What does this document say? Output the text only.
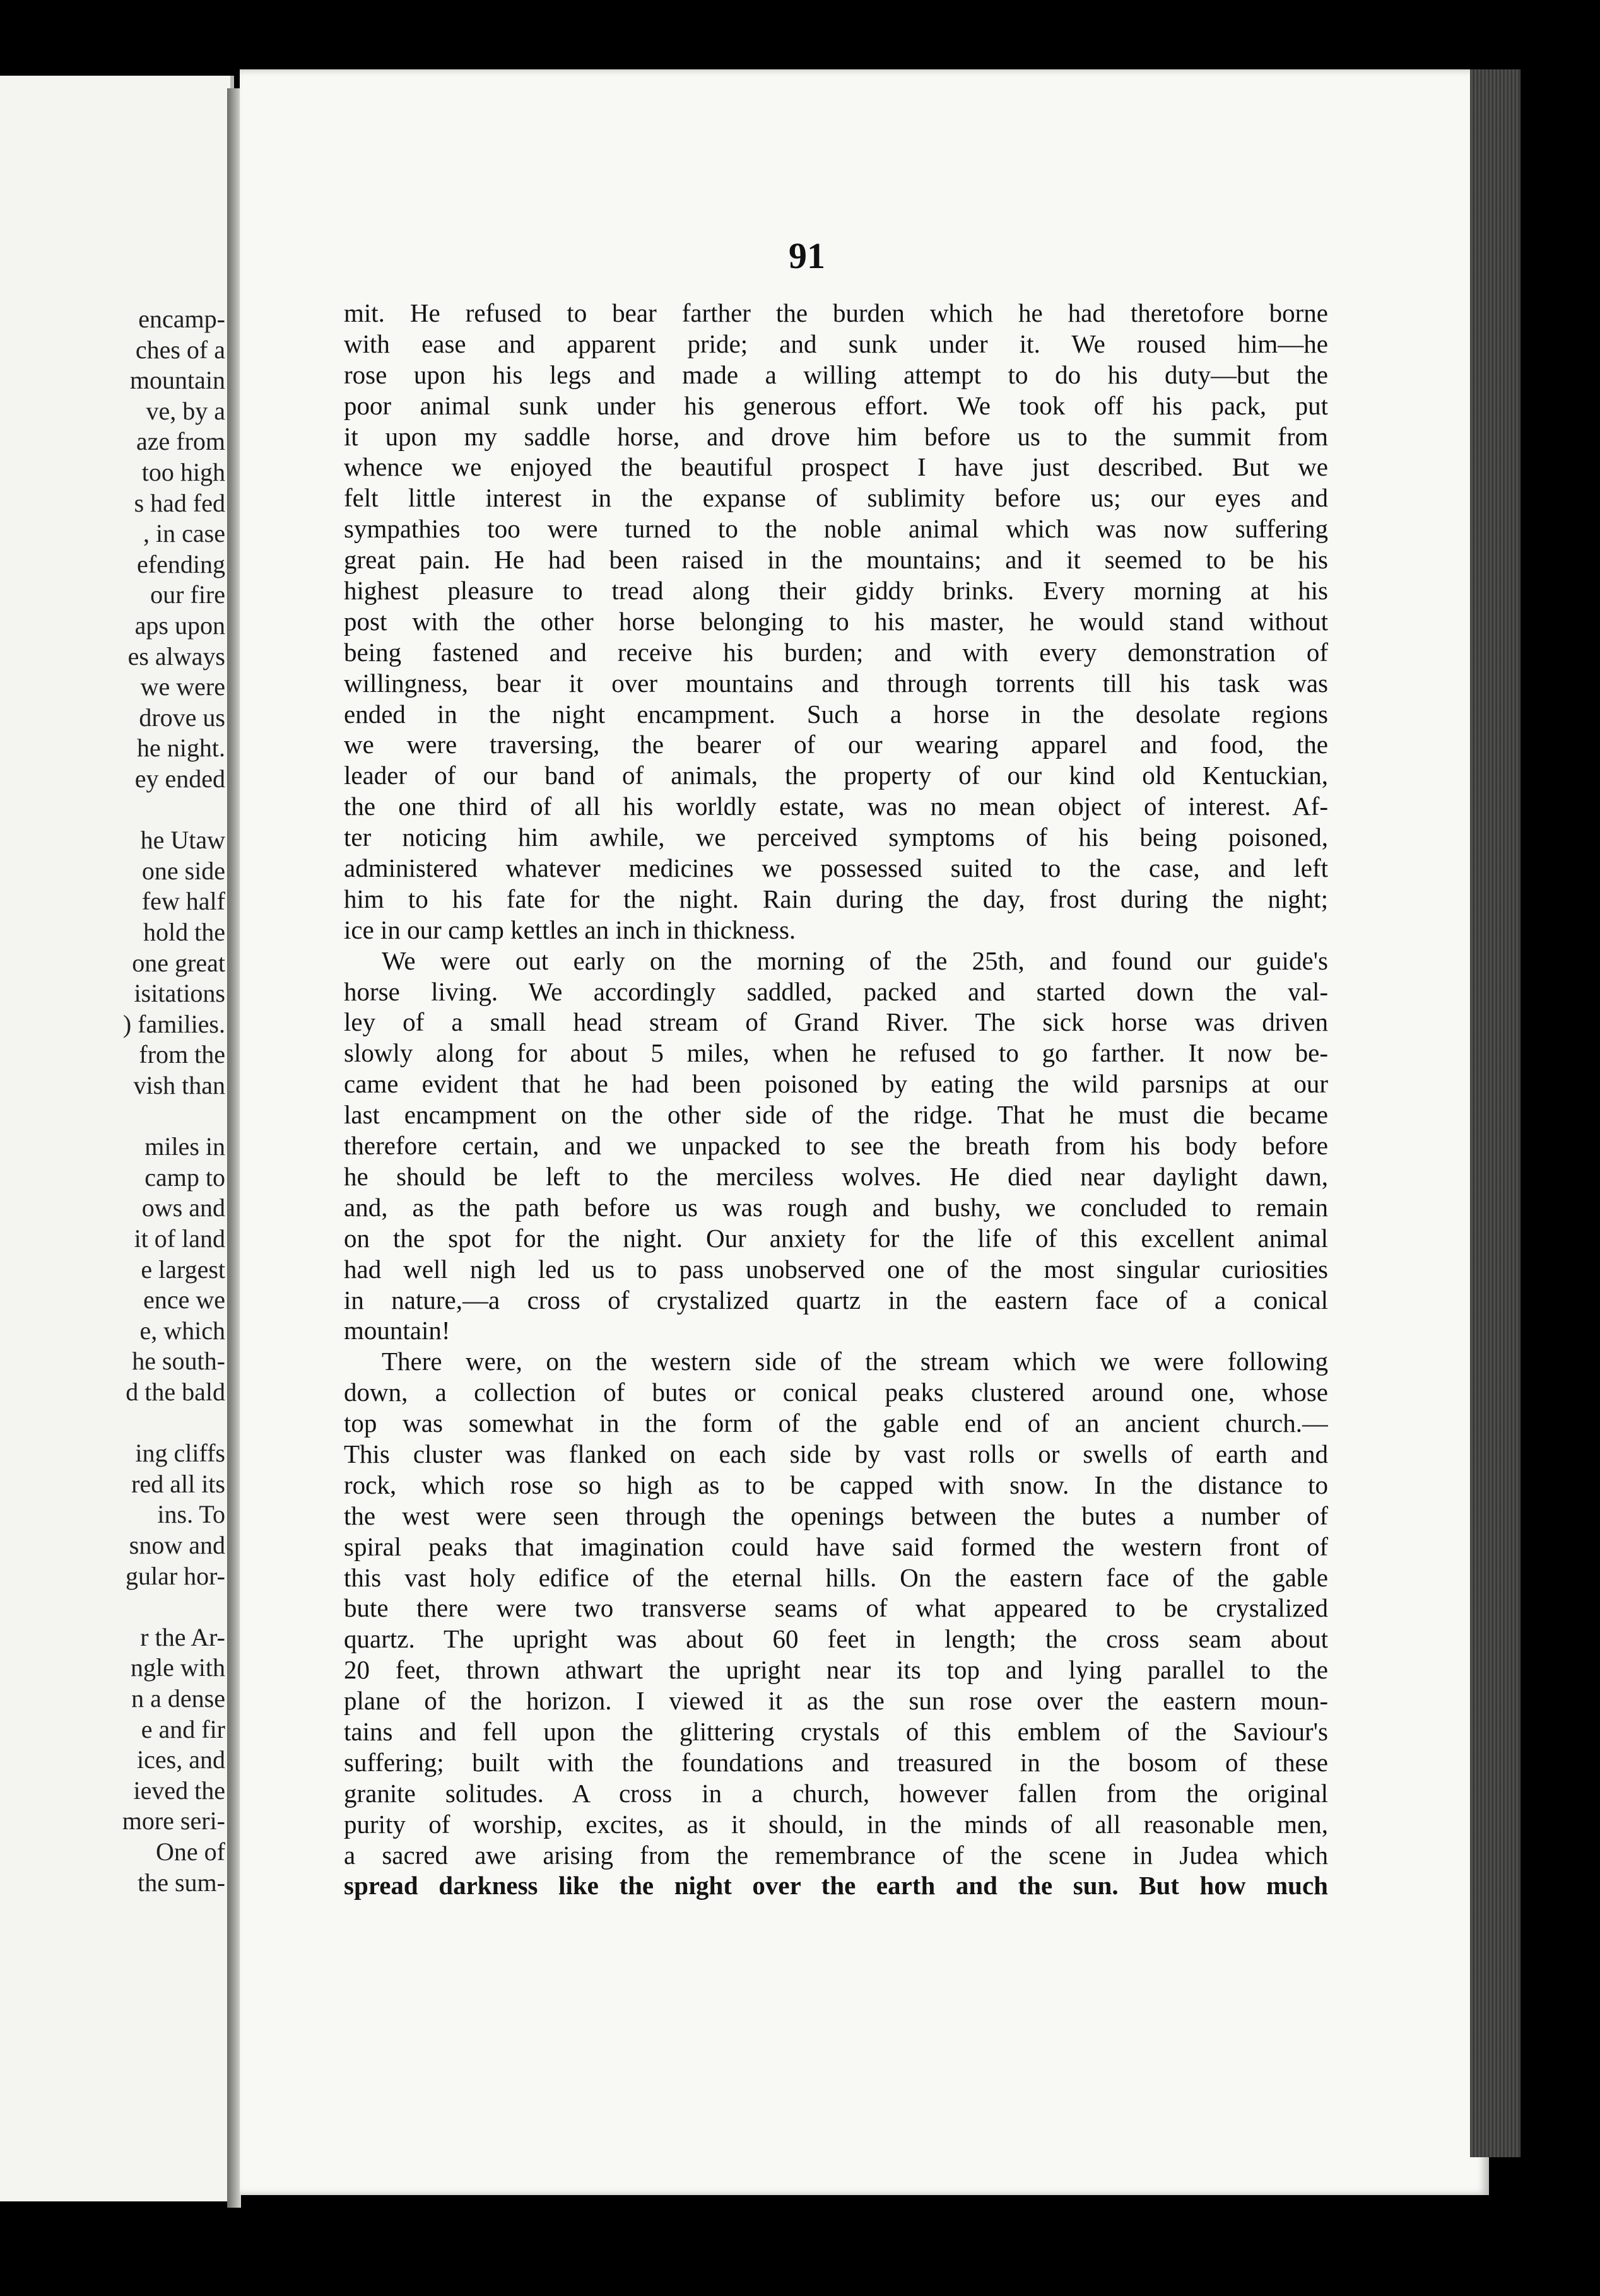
encamp-
ches of a
mountain
ve, by a
aze from
too high
s had fed
, in case
efending
our fire
aps upon
es always
we were
drove us
he night.
ey ended
he Utaw
one side
few half
hold the
one great
isitations
) families.
from the
vish than
miles in
camp to
ows and
it of land
e largest
ence we
e, which
he south-
d the bald
ing cliffs
red all its
ins. To
snow and
gular hor-
r the Ar-
ngle with
n a dense
e and fir
ices, and
ieved the
more seri-
One of
the sum-
91
mit. He refused to bear farther the burden which he had theretofore borne
with ease and apparent pride; and sunk under it. We roused him—he
rose upon his legs and made a willing attempt to do his duty—but the
poor animal sunk under his generous effort. We took off his pack, put
it upon my saddle horse, and drove him before us to the summit from
whence we enjoyed the beautiful prospect I have just described. But we
felt little interest in the expanse of sublimity before us; our eyes and
sympathies too were turned to the noble animal which was now suffering
great pain. He had been raised in the mountains; and it seemed to be his
highest pleasure to tread along their giddy brinks. Every morning at his
post with the other horse belonging to his master, he would stand without
being fastened and receive his burden; and with every demonstration of
willingness, bear it over mountains and through torrents till his task was
ended in the night encampment. Such a horse in the desolate regions
we were traversing, the bearer of our wearing apparel and food, the
leader of our band of animals, the property of our kind old Kentuckian,
the one third of all his worldly estate, was no mean object of interest. Af-
ter noticing him awhile, we perceived symptoms of his being poisoned,
administered whatever medicines we possessed suited to the case, and left
him to his fate for the night. Rain during the day, frost during the night;
ice in our camp kettles an inch in thickness.
We were out early on the morning of the 25th, and found our guide's
horse living. We accordingly saddled, packed and started down the val-
ley of a small head stream of Grand River. The sick horse was driven
slowly along for about 5 miles, when he refused to go farther. It now be-
came evident that he had been poisoned by eating the wild parsnips at our
last encampment on the other side of the ridge. That he must die became
therefore certain, and we unpacked to see the breath from his body before
he should be left to the merciless wolves. He died near daylight dawn,
and, as the path before us was rough and bushy, we concluded to remain
on the spot for the night. Our anxiety for the life of this excellent animal
had well nigh led us to pass unobserved one of the most singular curiosities
in nature,—a cross of crystalized quartz in the eastern face of a conical
mountain!
There were, on the western side of the stream which we were following
down, a collection of butes or conical peaks clustered around one, whose
top was somewhat in the form of the gable end of an ancient church.—
This cluster was flanked on each side by vast rolls or swells of earth and
rock, which rose so high as to be capped with snow. In the distance to
the west were seen through the openings between the butes a number of
spiral peaks that imagination could have said formed the western front of
this vast holy edifice of the eternal hills. On the eastern face of the gable
bute there were two transverse seams of what appeared to be crystalized
quartz. The upright was about 60 feet in length; the cross seam about
20 feet, thrown athwart the upright near its top and lying parallel to the
plane of the horizon. I viewed it as the sun rose over the eastern moun-
tains and fell upon the glittering crystals of this emblem of the Saviour's
suffering; built with the foundations and treasured in the bosom of these
granite solitudes. A cross in a church, however fallen from the original
purity of worship, excites, as it should, in the minds of all reasonable men,
a sacred awe arising from the remembrance of the scene in Judea which
spread darkness like the night over the earth and the sun. But how much
